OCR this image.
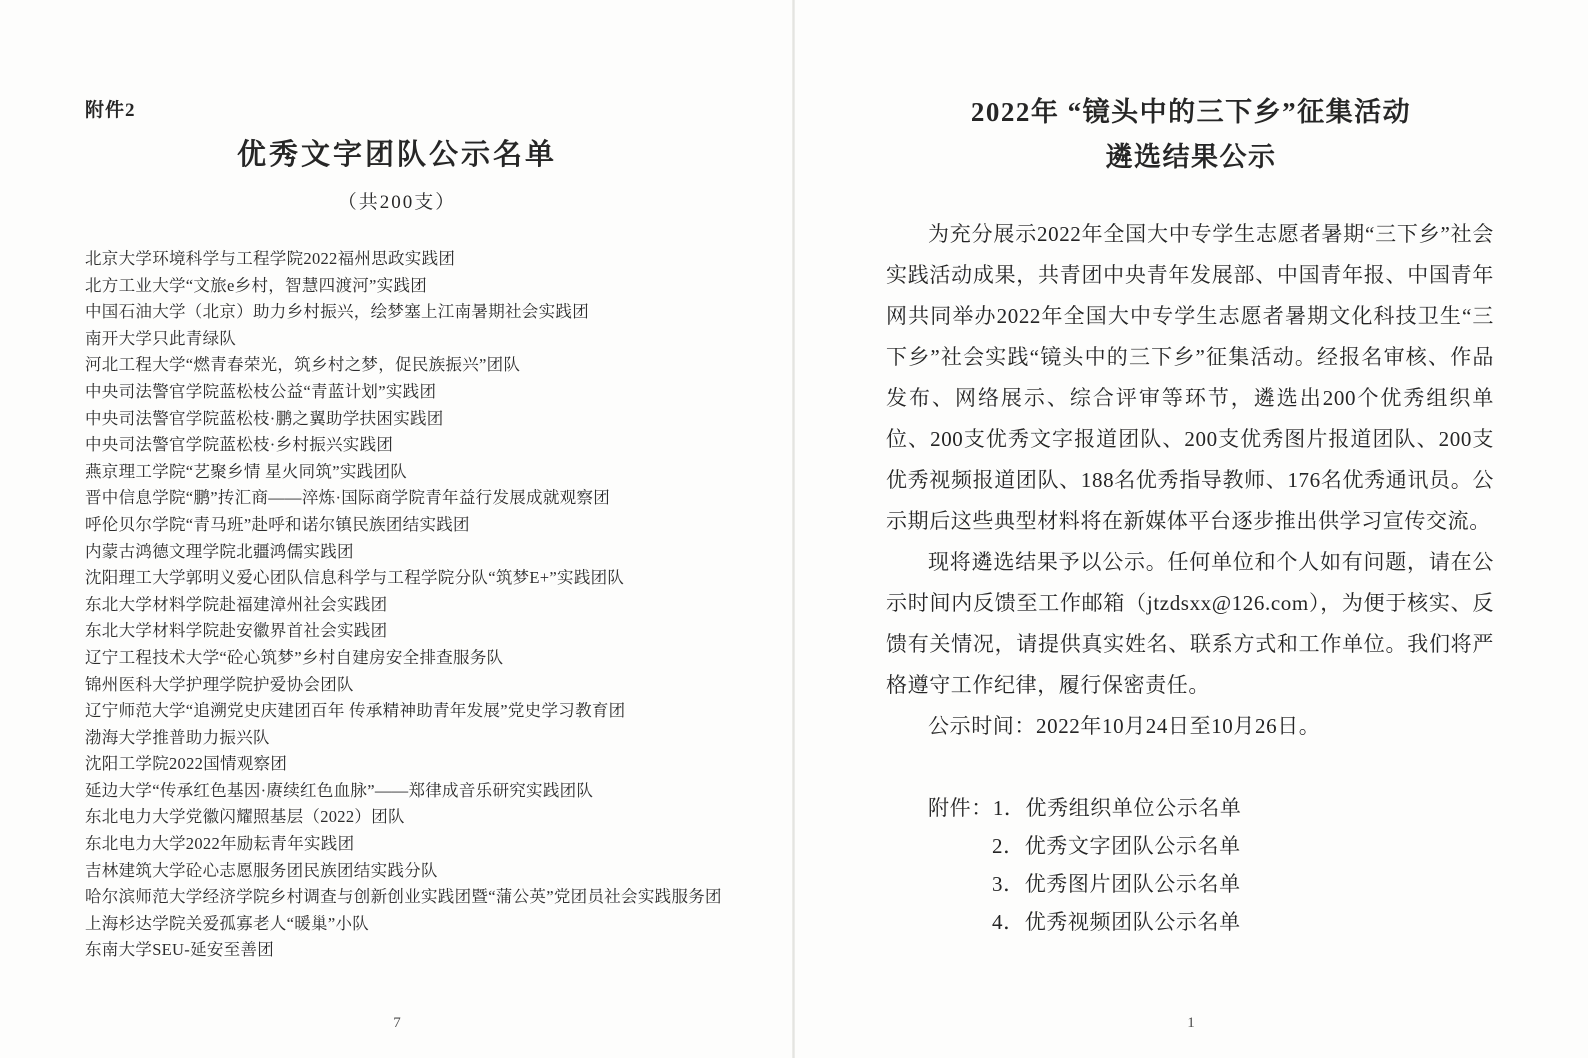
附件2
优秀文字团队公示名单
（共200支）
北京大学环境科学与工程学院2022福州思政实践团
北方工业大学“文旅e乡村，智慧四渡河”实践团
中国石油大学（北京）助力乡村振兴，绘梦塞上江南暑期社会实践团
南开大学只此青绿队
河北工程大学“燃青春荣光，筑乡村之梦，促民族振兴”团队
中央司法警官学院蓝松枝公益“青蓝计划”实践团
中央司法警官学院蓝松枝·鹏之翼助学扶困实践团
中央司法警官学院蓝松枝·乡村振兴实践团
燕京理工学院“艺聚乡情 星火同筑”实践团队
晋中信息学院“鹏”抟汇商——淬炼·国际商学院青年益行发展成就观察团
呼伦贝尔学院“青马班”赴呼和诺尔镇民族团结实践团
内蒙古鸿德文理学院北疆鸿儒实践团
沈阳理工大学郭明义爱心团队信息科学与工程学院分队“筑梦E+”实践团队
东北大学材料学院赴福建漳州社会实践团
东北大学材料学院赴安徽界首社会实践团
辽宁工程技术大学“砼心筑梦”乡村自建房安全排查服务队
锦州医科大学护理学院护爱协会团队
辽宁师范大学“追溯党史庆建团百年 传承精神助青年发展”党史学习教育团
渤海大学推普助力振兴队
沈阳工学院2022国情观察团
延边大学“传承红色基因·赓续红色血脉”——郑律成音乐研究实践团队
东北电力大学党徽闪耀照基层（2022）团队
东北电力大学2022年励耘青年实践团
吉林建筑大学砼心志愿服务团民族团结实践分队
哈尔滨师范大学经济学院乡村调查与创新创业实践团暨“蒲公英”党团员社会实践服务团
上海杉达学院关爱孤寡老人“暖巢”小队
东南大学SEU-延安至善团
7
2022年 “镜头中的三下乡”征集活动
遴选结果公示
为充分展示2022年全国大中专学生志愿者暑期“三下乡”社会实践活动成果，共青团中央青年发展部、中国青年报、中国青年网共同举办2022年全国大中专学生志愿者暑期文化科技卫生“三下乡”社会实践“镜头中的三下乡”征集活动。经报名审核、作品发布、网络展示、综合评审等环节，遴选出200个优秀组织单位、200支优秀文字报道团队、200支优秀图片报道团队、200支优秀视频报道团队、188名优秀指导教师、176名优秀通讯员。公示期后这些典型材料将在新媒体平台逐步推出供学习宣传交流。
现将遴选结果予以公示。任何单位和个人如有问题，请在公示时间内反馈至工作邮箱（jtzdsxx@126.com），为便于核实、反馈有关情况，请提供真实姓名、联系方式和工作单位。我们将严格遵守工作纪律，履行保密责任。
公示时间：2022年10月24日至10月26日。
附件：1．优秀组织单位公示名单
2．优秀文字团队公示名单
3．优秀图片团队公示名单
4．优秀视频团队公示名单
1
